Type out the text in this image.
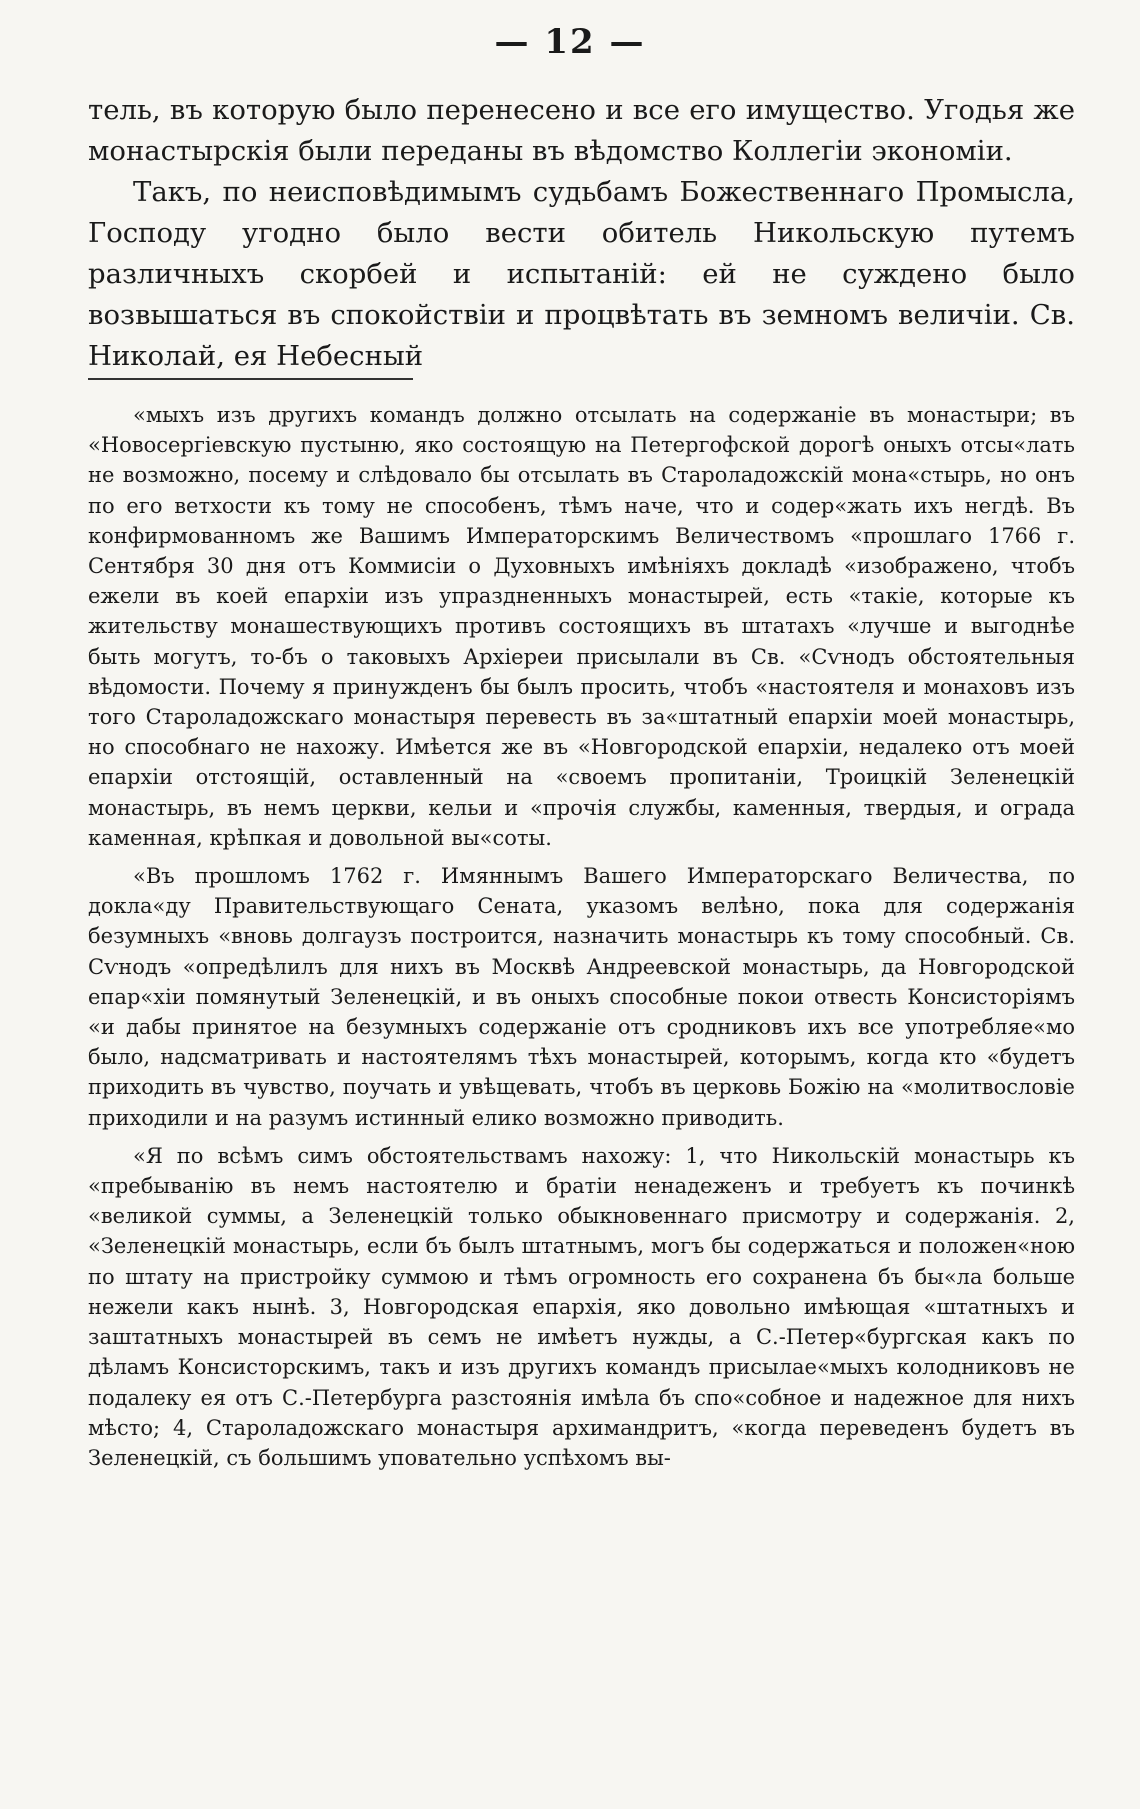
— 12 —

тель, въ которую было перенесено и все его имущество. Угодья же монастырскія были переданы въ вѣдомство Коллегіи экономіи.

Такъ, по неисповѣдимымъ судьбамъ Божественнаго Промысла, Господу угодно было вести обитель Никольскую путемъ различныхъ скорбей и испытаній: ей не суждено было возвышаться въ спокойствіи и процвѣтать въ земномъ величіи. Св. Николай, ея Небесный

«мыхъ изъ другихъ командъ должно отсылать на содержаніе въ монастыри; въ «Новосергіевскую пустыню, яко состоящую на Петергофской дорогѣ оныхъ отсы«лать не возможно, посему и слѣдовало бы отсылать въ Староладожскій мона«стырь, но онъ по его ветхости къ тому не способенъ, тѣмъ наче, что и содер«жать ихъ негдѣ. Въ конфирмованномъ же Вашимъ Императорскимъ Величествомъ «прошлаго 1766 г. Сентября 30 дня отъ Коммисіи о Духовныхъ имѣніяхъ докладѣ «изображено, чтобъ ежели въ коей епархіи изъ упраздненныхъ монастырей, есть «такіе, которые къ жительству монашествующихъ противъ состоящихъ въ штатахъ «лучше и выгоднѣе быть могутъ, то-бъ о таковыхъ Архіереи присылали въ Св. «Сѵнодъ обстоятельныя вѣдомости. Почему я принужденъ бы былъ просить, чтобъ «настоятеля и монаховъ изъ того Староладожскаго монастыря перевесть въ за«штатный епархіи моей монастырь, но способнаго не нахожу. Имѣется же въ «Новгородской епархіи, недалеко отъ моей епархіи отстоящій, оставленный на «своемъ пропитаніи, Троицкій Зеленецкій монастырь, въ немъ церкви, кельи и «прочія службы, каменныя, твердыя, и ограда каменная, крѣпкая и довольной вы«соты.

«Въ прошломъ 1762 г. Имяннымъ Вашего Императорскаго Величества, по докла«ду Правительствующаго Сената, указомъ велѣно, пока для содержанія безумныхъ «вновь долгаузъ построится, назначить монастырь къ тому способный. Св. Сѵнодъ «опредѣлилъ для нихъ въ Москвѣ Андреевской монастырь, да Новгородской епар«хіи помянутый Зеленецкій, и въ оныхъ способные покои отвесть Консисторіямъ «и дабы принятое на безумныхъ содержаніе отъ сродниковъ ихъ все употребляе«мо было, надсматривать и настоятелямъ тѣхъ монастырей, которымъ, когда кто «будетъ приходить въ чувство, поучать и увѣщевать, чтобъ въ церковь Божію на «молитвословіе приходили и на разумъ истинный елико возможно приводить.

«Я по всѣмъ симъ обстоятельствамъ нахожу: 1, что Никольскій монастырь къ «пребыванію въ немъ настоятелю и братіи ненадеженъ и требуетъ къ починкѣ «великой суммы, а Зеленецкій только обыкновеннаго присмотру и содержанія. 2, «Зеленецкій монастырь, если бъ былъ штатнымъ, могъ бы содержаться и положен«ною по штату на пристройку суммою и тѣмъ огромность его сохранена бъ бы«ла больше нежели какъ нынѣ. 3, Новгородская епархія, яко довольно имѣющая «штатныхъ и заштатныхъ монастырей въ семъ не имѣетъ нужды, а С.-Петер«бургская какъ по дѣламъ Консисторскимъ, такъ и изъ другихъ командъ присылае«мыхъ колодниковъ не подалеку ея отъ С.-Петербурга разстоянія имѣла бъ спо«собное и надежное для нихъ мѣсто; 4, Староладожскаго монастыря архимандритъ, «когда переведенъ будетъ въ Зеленецкій, съ большимъ уповательно успѣхомъ вы-
